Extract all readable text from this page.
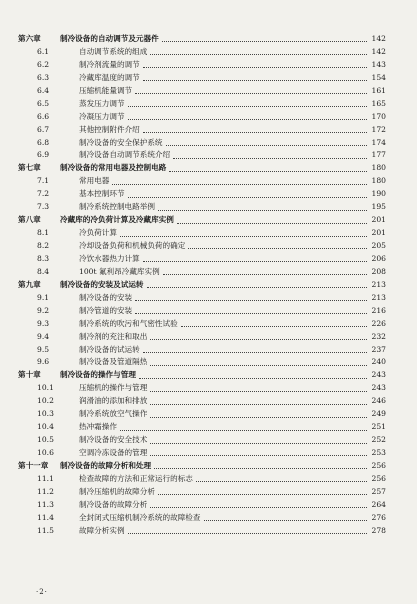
第六章	制冷设备的自动调节及元器件	142
6.1	自动调节系统的组成	142
6.2	制冷剂流量的调节	143
6.3	冷藏库温度的调节	154
6.4	压缩机能量调节	161
6.5	蒸发压力调节	165
6.6	冷凝压力调节	170
6.7	其他控制附件介绍	172
6.8	制冷设备的安全保护系统	174
6.9	制冷设备自动调节系统介绍	177
第七章	制冷设备的常用电器及控制电路	180
7.1	常用电器	180
7.2	基本控制环节	190
7.3	制冷系统控制电路举例	195
第八章	冷藏库的冷负荷计算及冷藏库实例	201
8.1	冷负荷计算	201
8.2	冷却设备负荷和机械负荷的确定	205
8.3	冷饮水器热力计算	206
8.4	100t 氟利昂冷藏库实例	208
第九章	制冷设备的安装及试运转	213
9.1	制冷设备的安装	213
9.2	制冷管道的安装	216
9.3	制冷系统的吹污和气密性试验	226
9.4	制冷剂的充注和取出	232
9.5	制冷设备的试运转	237
9.6	制冷设备及管道隔热	240
第十章	制冷设备的操作与管理	243
10.1	压缩机的操作与管理	243
10.2	润滑油的添加和排放	246
10.3	制冷系统放空气操作	249
10.4	热冲霜操作	251
10.5	制冷设备的安全技术	252
10.6	空调冷冻设备的管理	253
第十一章	制冷设备的故障分析和处理	256
11.1	检查故障的方法和正常运行的标志	256
11.2	制冷压缩机的故障分析	257
11.3	制冷设备的故障分析	264
11.4	全封闭式压缩机制冷系统的故障检查	276
11.5	故障分析实例	278
·2·
